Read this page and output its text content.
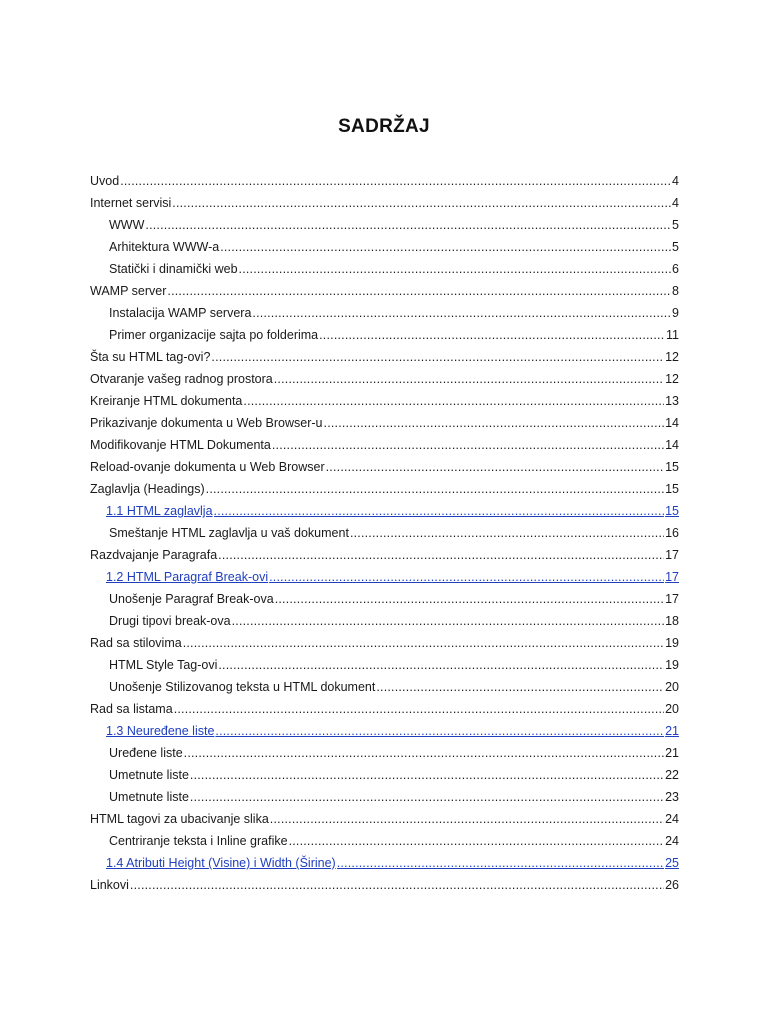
SADRŽAJ
Uvod .....	4
Internet servisi .....	4
WWW .....	5
Arhitektura WWW-a .....	5
Statički i dinamički web .....	6
WAMP server .....	8
Instalacija WAMP servera .....	9
Primer organizacije sajta po folderima .....	11
Šta su HTML tag-ovi? .....	12
Otvaranje vašeg radnog prostora .....	12
Kreiranje HTML dokumenta .....	13
Prikazivanje dokumenta u Web Browser-u .....	14
Modifikovanje HTML Dokumenta .....	14
Reload-ovanje dokumenta u Web Browser .....	15
Zaglavlja (Headings) .....	15
1.1 HTML zaglavlja .....	15
Smeštanje HTML zaglavlja u vaš dokument .....	16
Razdvajanje Paragrafa .....	17
1.2 HTML Paragraf Break-ovi .....	17
Unošenje Paragraf Break-ova .....	17
Drugi tipovi break-ova .....	18
Rad sa stilovima .....	19
HTML Style Tag-ovi .....	19
Unošenje Stilizovanog teksta u HTML dokument .....	20
Rad sa listama .....	20
1.3 Neuređene liste .....	21
Uređene liste .....	21
Umetnute liste .....	22
Umetnute liste .....	23
HTML tagovi za ubacivanje slika .....	24
Centriranje teksta i Inline grafike .....	24
1.4 Atributi Height (Visine) i Width (Širine) .....	25
Linkovi .....	26
